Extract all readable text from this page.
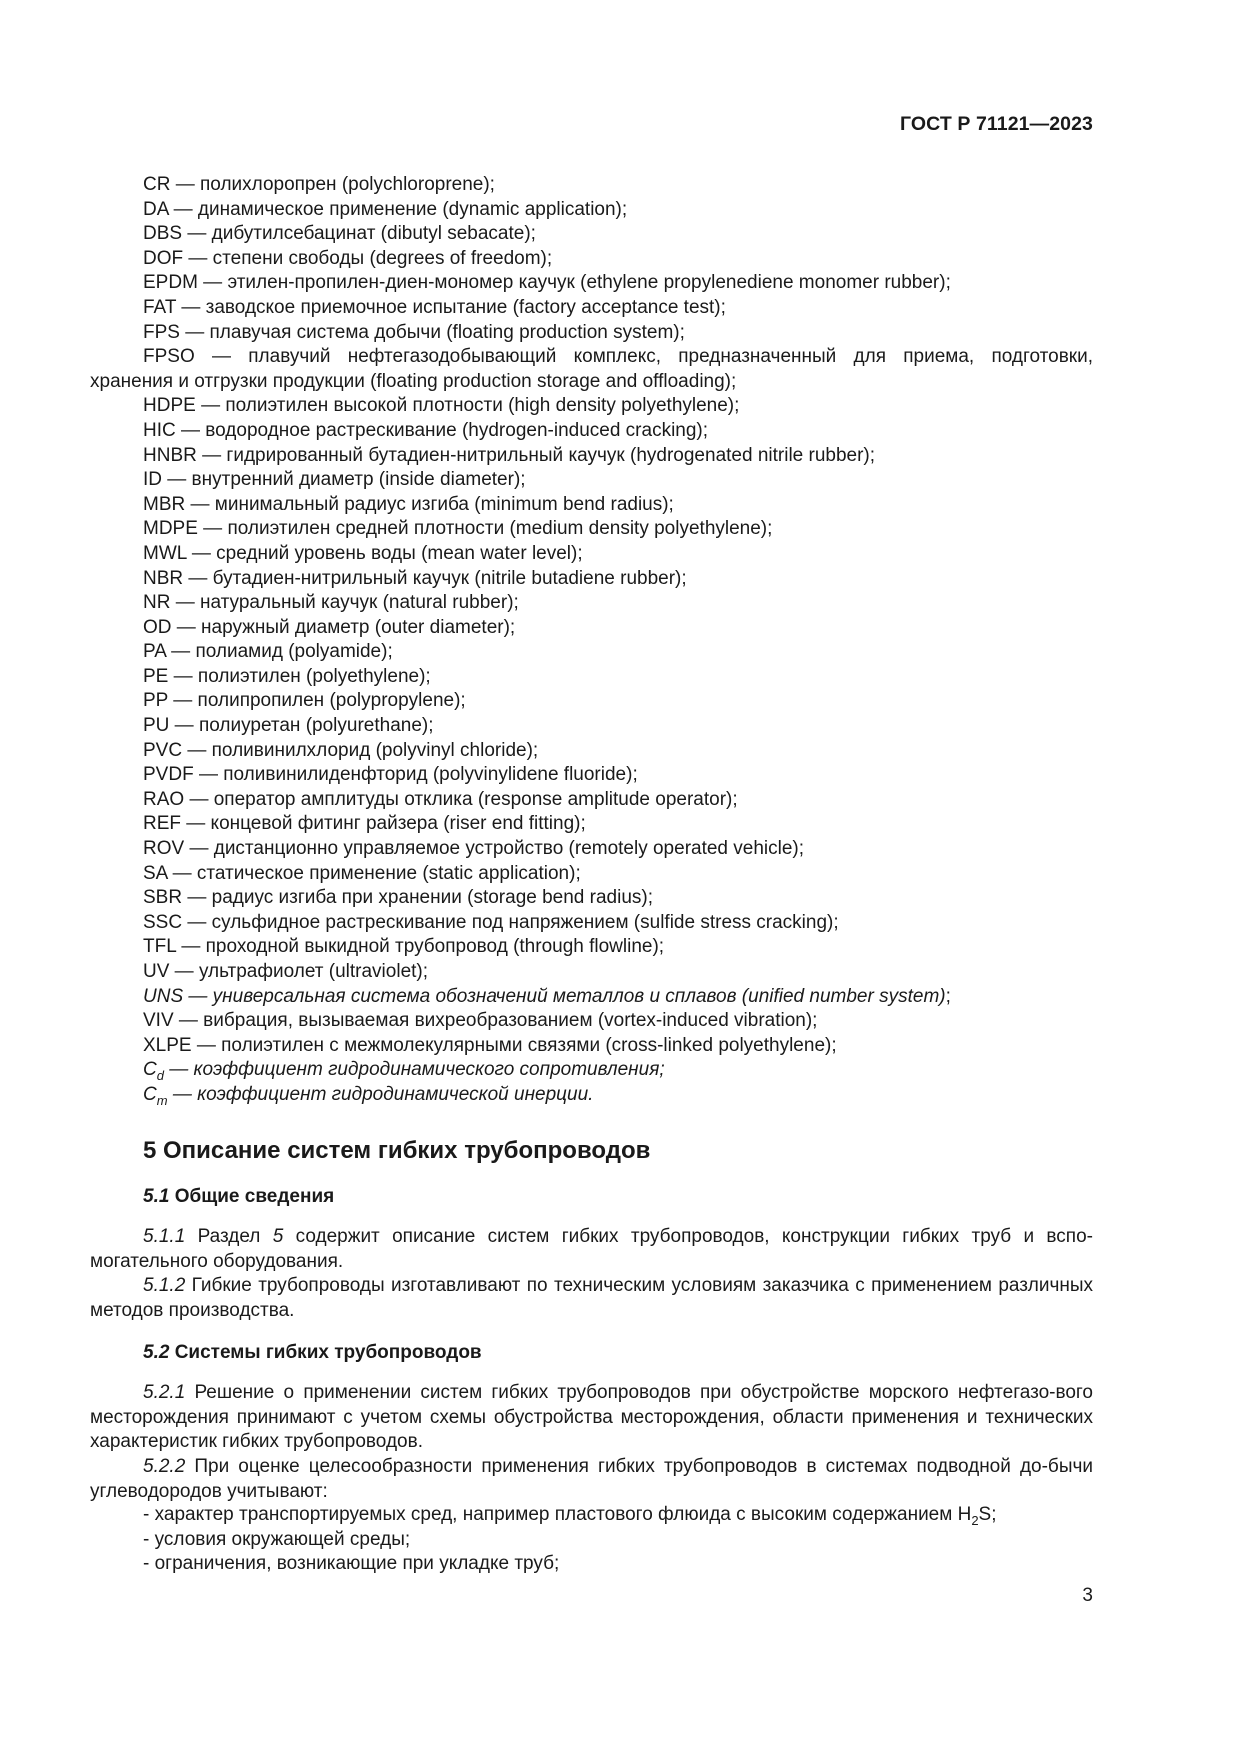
ГОСТ Р 71121—2023
CR — полихлоропрен (polychloroprene);
DA — динамическое применение (dynamic application);
DBS — дибутилсебацинат (dibutyl sebacate);
DOF — степени свободы (degrees of freedom);
EPDM — этилен-пропилен-диен-мономер каучук (ethylene propylenediene monomer rubber);
FAT — заводское приемочное испытание (factory acceptance test);
FPS — плавучая система добычи (floating production system);
FPSO — плавучий нефтегазодобывающий комплекс, предназначенный для приема, подготовки,
хранения и отгрузки продукции (floating production storage and offloading);
HDPE — полиэтилен высокой плотности (high density polyethylene);
HIC — водородное растрескивание (hydrogen-induced cracking);
HNBR — гидрированный бутадиен-нитрильный каучук (hydrogenated nitrile rubber);
ID — внутренний диаметр (inside diameter);
MBR — минимальный радиус изгиба (minimum bend radius);
MDPE — полиэтилен средней плотности (medium density polyethylene);
MWL — средний уровень воды (mean water level);
NBR — бутадиен-нитрильный каучук (nitrile butadiene rubber);
NR — натуральный каучук (natural rubber);
OD — наружный диаметр (outer diameter);
PA — полиамид (polyamide);
PE — полиэтилен (polyethylene);
PP — полипропилен (polypropylene);
PU — полиуретан (polyurethane);
PVC — поливинилхлорид (polyvinyl chloride);
PVDF — поливинилиденфторид (polyvinylidene fluoride);
RAO — оператор амплитуды отклика (response amplitude operator);
REF — концевой фитинг райзера (riser end fitting);
ROV — дистанционно управляемое устройство (remotely operated vehicle);
SA — статическое применение (static application);
SBR — радиус изгиба при хранении (storage bend radius);
SSC — сульфидное растрескивание под напряжением (sulfide stress cracking);
TFL — проходной выкидной трубопровод (through flowline);
UV — ультрафиолет (ultraviolet);
UNS — универсальная система обозначений металлов и сплавов (unified number system);
VIV — вибрация, вызываемая вихреобразованием (vortex-induced vibration);
XLPE — полиэтилен с межмолекулярными связями (cross-linked polyethylene);
$C_d$ — коэффициент гидродинамического сопротивления;
$C_m$ — коэффициент гидродинамической инерции.
5 Описание систем гибких трубопроводов
5.1 Общие сведения
5.1.1 Раздел 5 содержит описание систем гибких трубопроводов, конструкции гибких труб и вспо-могательного оборудования.
5.1.2 Гибкие трубопроводы изготавливают по техническим условиям заказчика с применением различных методов производства.
5.2 Системы гибких трубопроводов
5.2.1 Решение о применении систем гибких трубопроводов при обустройстве морского нефтегазо-вого месторождения принимают с учетом схемы обустройства месторождения, области применения и технических характеристик гибких трубопроводов.
5.2.2 При оценке целесообразности применения гибких трубопроводов в системах подводной до-бычи углеводородов учитывают:
- характер транспортируемых сред, например пластового флюида с высоким содержанием $H_2S$;
- условия окружающей среды;
- ограничения, возникающие при укладке труб;
3
